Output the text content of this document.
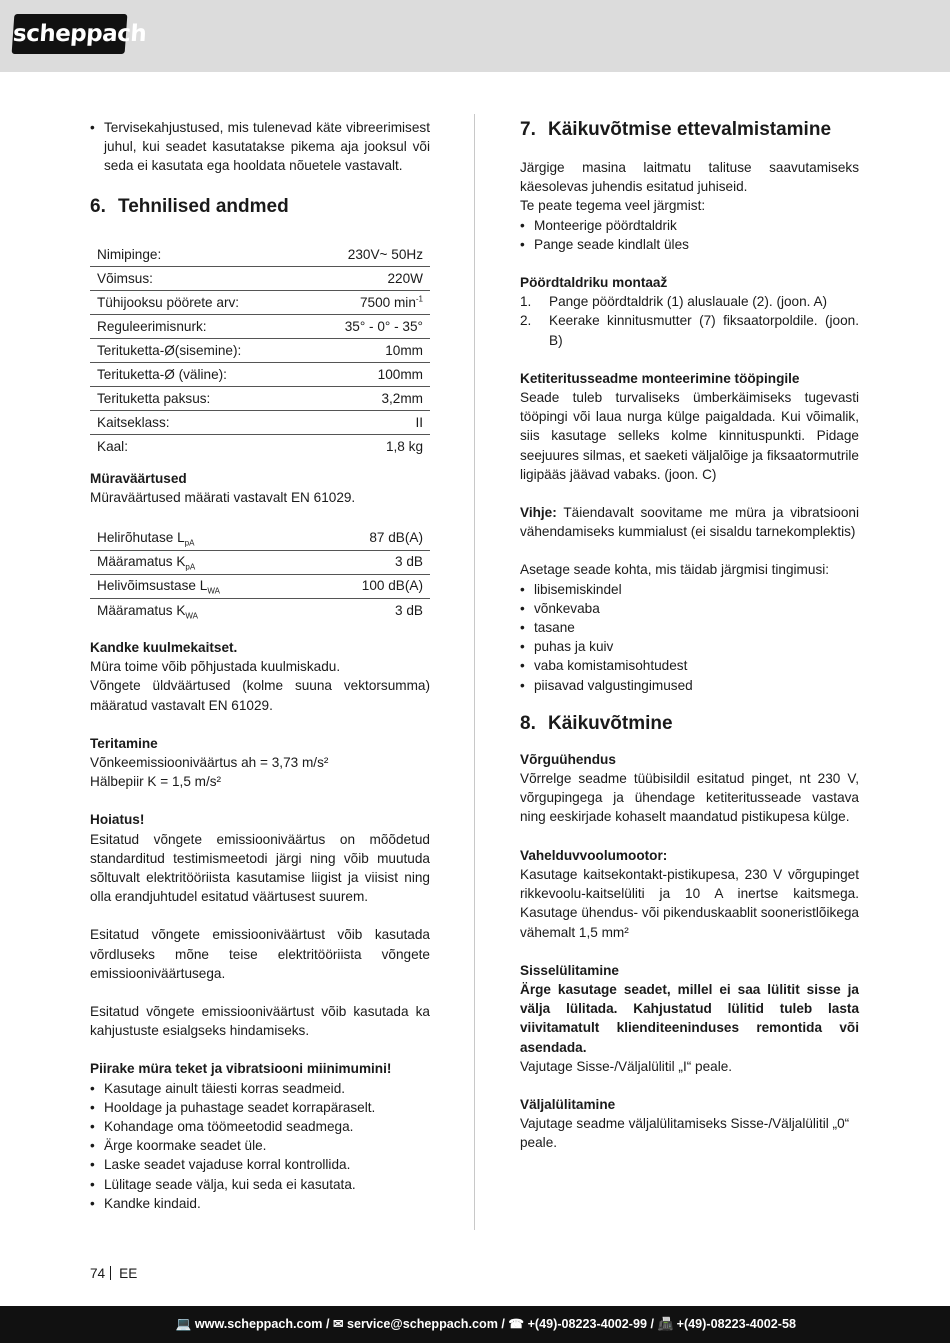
scheppach
• Tervisekahjustused, mis tulenevad käte vibreerimisest juhul, kui seadet kasutatakse pikema aja jooksul või seda ei kasutata ega hooldata nõuetele vastavalt.
6. Tehnilised andmed
Nimipinge:	230V~ 50Hz
Võimsus:	220W
Tühijooksu pöörete arv:	7500 $\min^{-1}$
Reguleerimisnurk:	35° - 0° - 35°
Terituketta-Ø(sisemine):	10mm
Terituketta-Ø (väline):	100mm
Terituketta paksus:	3,2mm
Kaitseklass:	II
Kaal:	1,8 kg

Müraväärtused

Müraväärtused määrati vastavalt EN 61029.

Helirõhutase $L_{pA}$	87 dB(A)
Määramatus $K_{pA}$	3 dB
Helivõimsustase $L_{WA}$	100 dB(A)
Määramatus $K_{WA}$	3 dB

Kandke kuulmekaitset.

Müra toime võib põhjustada kuulmiskadu.

Võngete üldväärtused (kolme suuna vektorsumma) määratud vastavalt EN 61029.

Teritamine

Võnkeemissiooniväärtus ah = 3,73 m/s²

Hälbepiir K = 1,5 m/s²

Hoiatus!

Esitatud võngete emissiooniväärtus on mõõdetud standarditud testimismeetodi järgi ning võib muutuda sõltuvalt elektritööriista kasutamise liigist ja viisist ning olla erandjuhtudel esitatud väärtusest suurem.

Esitatud võngete emissiooniväärtust võib kasutada võrdluseks mõne teise elektritööriista võngete emissiooniväärtusega.

Esitatud võngete emissiooniväärtust võib kasutada ka kahjustuste esialgseks hindamiseks.

Piirake müra teket ja vibratsiooni miinimumini!

• Kasutage ainult täiesti korras seadmeid.
• Hooldage ja puhastage seadet korrapäraselt.
• Kohandage oma töömeetodid seadmega.
• Ärge koormake seadet üle.
• Laske seadet vajaduse korral kontrollida.
• Lülitage seade välja, kui seda ei kasutata.
• Kandke kindaid.
7. Käikuvõtmise ettevalmistamine

Järgige masina laitmatu talituse saavutamiseks käesolevas juhendis esitatud juhiseid.

Te peate tegema veel järgmist:

• Monteerige pöördtaldrik
• Pange seade kindlalt üles

Pöördtaldriku montaaž

1. Pange pöördtaldrik (1) aluslauale (2). (joon. A)
2. Keerake kinnitusmutter (7) fiksaatorpoldile. (joon. B)

Ketiteritusseadme monteerimine tööpingile

Seade tuleb turvaliseks ümberkäimiseks tugevasti tööpingi või laua nurga külge paigaldada. Kui võimalik, siis kasutage selleks kolme kinnituspunkti. Pidage seejuures silmas, et saeketi väljalõige ja fiksaatormutrile ligipääs jäävad vabaks. (joon. C)

Vihje: Täiendavalt soovitame me müra ja vibratsiooni vähendamiseks kummialust (ei sisaldu tarnekomplektis)

Asetage seade kohta, mis täidab järgmisi tingimusi:

• libisemiskindel
• võnkevaba
• tasane
• puhas ja kuiv
• vaba komistamisohtudest
• piisavad valgustingimused
8. Käikuvõtmine

Võrguühendus

Võrrelge seadme tüübisildil esitatud pinget, nt 230 V, võrgupingega ja ühendage ketiteritusseade vastava ning eeskirjade kohaselt maandatud pistikupesa külge.

Vahelduvvoolumootor:

Kasutage kaitsekontakt-pistikupesa, 230 V võrgupinget rikkevoolu-kaitselüliti ja 10 A inertse kaitsmega. Kasutage ühendus- või pikenduskaablit sooneristlõikega vähemalt 1,5 mm²

Sisselülitamine

Ärge kasutage seadet, millel ei saa lülitit sisse ja välja lülitada. Kahjustatud lülitid tuleb lasta viivitamatult klienditeeninduses remontida või asendada.

Vajutage Sisse-/Väljalülitil „I“ peale.

Väljalülitamine

Vajutage seadme väljalülitamiseks Sisse-/Väljalülitil „0“ peale.

74 EE
💻 www.scheppach.com / ✉ service@scheppach.com / ☎ +(49)-08223-4002-99 / 📠 +(49)-08223-4002-58
